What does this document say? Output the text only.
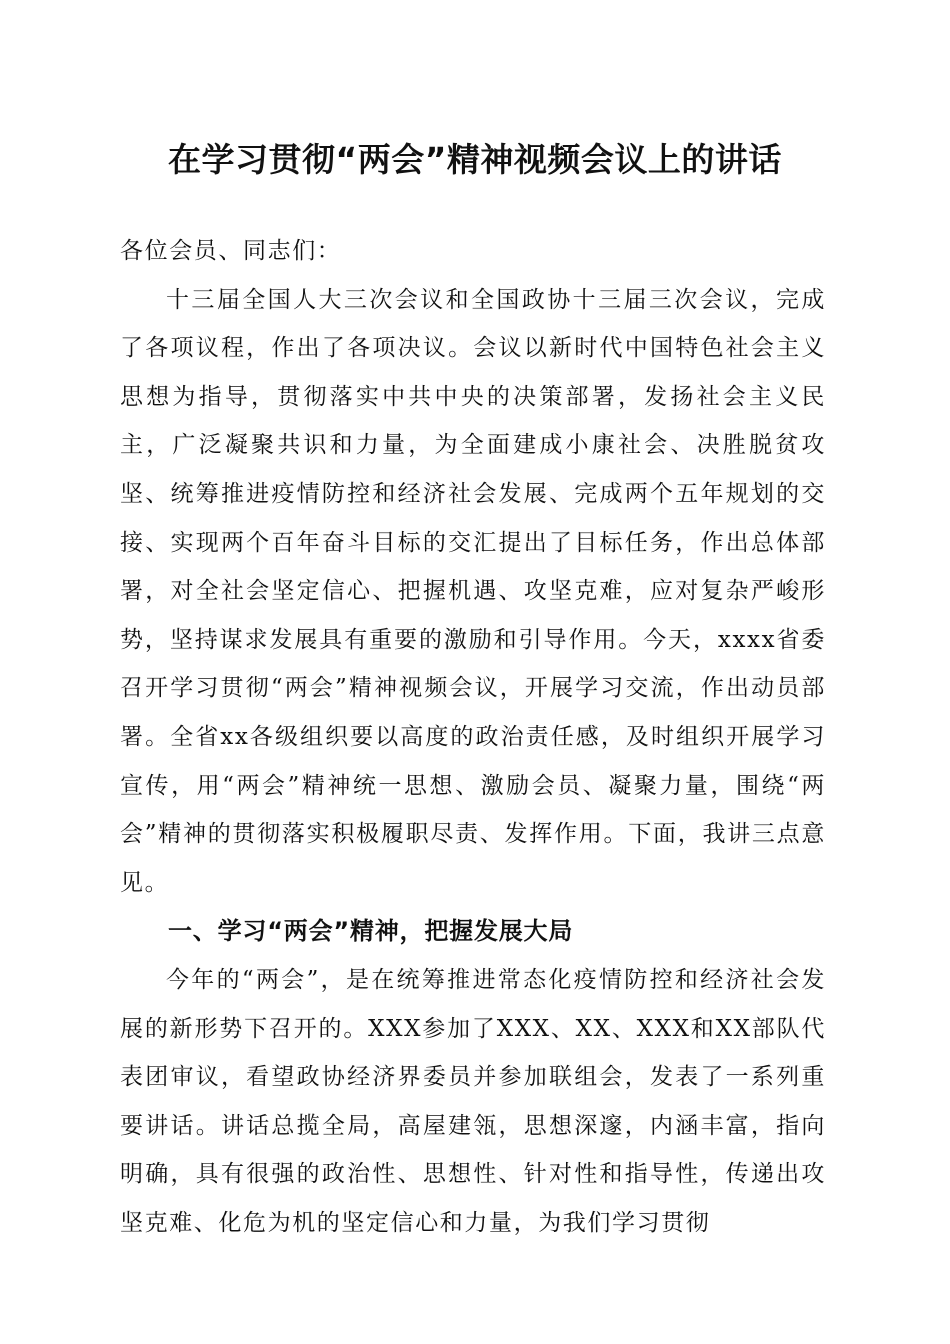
在学习贯彻“两会”精神视频会议上的讲话

各位会员、同志们：

十三届全国人大三次会议和全国政协十三届三次会议，完成了各项议程，作出了各项决议。会议以新时代中国特色社会主义思想为指导，贯彻落实中共中央的决策部署，发扬社会主义民主，广泛凝聚共识和力量，为全面建成小康社会、决胜脱贫攻坚、统筹推进疫情防控和经济社会发展、完成两个五年规划的交接、实现两个百年奋斗目标的交汇提出了目标任务，作出总体部署，对全社会坚定信心、把握机遇、攻坚克难，应对复杂严峻形势，坚持谋求发展具有重要的激励和引导作用。今天，xxxx省委召开学习贯彻“两会”精神视频会议，开展学习交流，作出动员部署。全省xx各级组织要以高度的政治责任感，及时组织开展学习宣传，用“两会”精神统一思想、激励会员、凝聚力量，围绕“两会”精神的贯彻落实积极履职尽责、发挥作用。下面，我讲三点意见。

一、学习“两会”精神，把握发展大局

今年的“两会”，是在统筹推进常态化疫情防控和经济社会发展的新形势下召开的。XXX参加了XXX、XX、XXX和XX部队代表团审议，看望政协经济界委员并参加联组会，发表了一系列重要讲话。讲话总揽全局，高屋建瓴，思想深邃，内涵丰富，指向明确，具有很强的政治性、思想性、针对性和指导性，传递出攻坚克难、化危为机的坚定信心和力量，为我们学习贯彻
